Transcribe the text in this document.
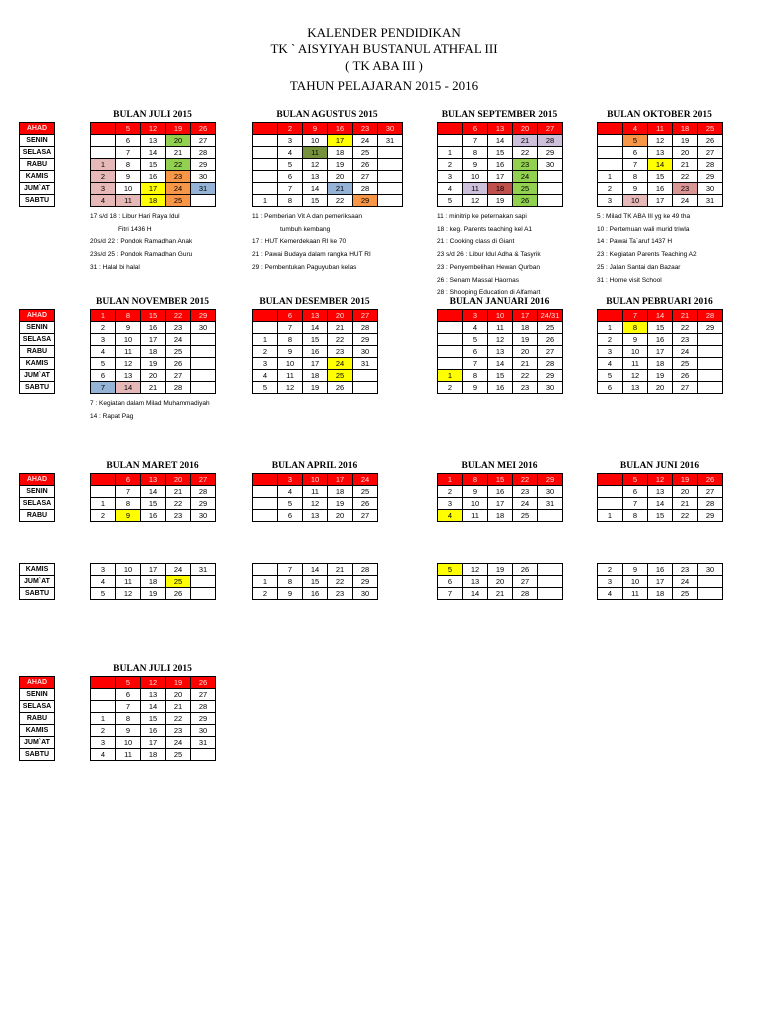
KALENDER PENDIDIKAN
TK ` AISYIYAH BUSTANUL ATHFAL III
( TK ABA III )
TAHUN PELAJARAN 2015 - 2016
BULAN JULI 2015
	5	12	19	26
	6	13	20	27
	7	14	21	28
1	8	15	22	29
2	9	16	23	30
3	10	17	24	31
4	11	18	25	
BULAN AGUSTUS 2015
	2	9	16	23	30
	3	10	17	24	31
	4	11	18	25	
	5	12	19	26	
	6	13	20	27	
	7	14	21	28	
1	8	15	22	29	
BULAN SEPTEMBER 2015
	6	13	20	27
	7	14	21	28
1	8	15	22	29
2	9	16	23	30
3	10	17	24	
4	11	18	25	
5	12	19	26	
BULAN OKTOBER 2015
	4	11	18	25
	5	12	19	26
	6	13	20	27
	7	14	21	28
1	8	15	22	29
2	9	16	23	30
3	10	17	24	31
AHAD
SENIN
SELASA
RABU
KAMIS
JUM`AT
SABTU
BULAN NOVEMBER 2015
1	8	15	22	29
2	9	16	23	30
3	10	17	24	
4	11	18	25	
5	12	19	26	
6	13	20	27	
7	14	21	28	
BULAN DESEMBER 2015
	6	13	20	27
	7	14	21	28
1	8	15	22	29
2	9	16	23	30
3	10	17	24	31
4	11	18	25	
5	12	19	26	
BULAN JANUARI 2016
	3	10	17	24/31
	4	11	18	25
	5	12	19	26
	6	13	20	27
	7	14	21	28
1	8	15	22	29
2	9	16	23	30
BULAN PEBRUARI 2016
	7	14	21	28
1	8	15	22	29
2	9	16	23	
3	10	17	24	
4	11	18	25	
5	12	19	26	
6	13	20	27	
AHAD
SENIN
SELASA
RABU
KAMIS
JUM`AT
SABTU
BULAN MARET 2016
	6	13	20	27
	7	14	21	28
1	8	15	22	29
2	9	16	23	30
3	10	17	24	31
4	11	18	25	
5	12	19	26	
BULAN APRIL 2016
	3	10	17	24
	4	11	18	25
	5	12	19	26
	6	13	20	27
	7	14	21	28
1	8	15	22	29
2	9	16	23	30
BULAN MEI 2016
1	8	15	22	29
2	9	16	23	30
3	10	17	24	31
4	11	18	25	
5	12	19	26	
6	13	20	27	
7	14	21	28	
BULAN JUNI 2016
	5	12	19	26
	6	13	20	27
	7	14	21	28
1	8	15	22	29
2	9	16	23	30
3	10	17	24	
4	11	18	25	
AHAD
SENIN
SELASA
RABU
KAMIS
JUM`AT
SABTU
BULAN JULI 2015
	5	12	19	26
	6	13	20	27
	7	14	21	28
1	8	15	22	29
2	9	16	23	30
3	10	17	24	31
4	11	18	25	
AHAD
SENIN
SELASA
RABU
KAMIS
JUM`AT
SABTU
17 s/d 18 : Libur Hari Raya Idul
Fitri 1436 H
20s/d 22 : Pondok Ramadhan Anak
23s/d 25 : Pondok Ramadhan Guru
31 : Halal bi halal
11 : Pemberian Vit A dan pemeriksaan
tumbuh kembang
17 : HUT Kemerdekaan RI ke 70
21 : Pawai Budaya dalam rangka HUT RI
29 : Pembentukan Paguyuban kelas
11 : minitrip ke peternakan sapi
18 : keg. Parents teaching kel A1
21 : Cooking class di Giant
23 s/d 26 : Libur Idul Adha & Tasyrik
23 : Penyembelihan Hewan Qurban
26 : Senam Massal Haornas
28 : Shooping Education di Alfamart
5 : Milad TK ABA III yg ke 49 tha
10 : Pertemuan wali murid triwla
14 : Pawai Ta`aruf 1437 H
23 : Kegiatan Parents Teaching A2
25 : Jalan Santai dan Bazaar
31 : Home visit School
7 : Kegiatan dalam Milad Muhammadiyah
14 : Rapat Pag
